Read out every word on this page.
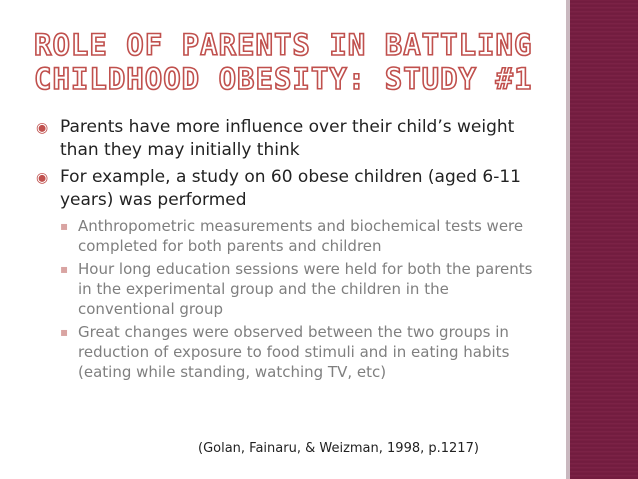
ROLE OF PARENTS IN BATTLING
CHILDHOOD OBESITY: STUDY #1
◉ Parents have more influence over their child’s weight than they may initially think
◉ For example, a study on 60 obese children (aged 6-11 years) was performed
▪ Anthropometric measurements and biochemical tests were completed for both parents and children
▪ Hour long education sessions were held for both the parents in the experimental group and the children in the conventional group
▪ Great changes were observed between the two groups in reduction of exposure to food stimuli and in eating habits (eating while standing, watching TV, etc)
(Golan, Fainaru, & Weizman, 1998, p.1217)
